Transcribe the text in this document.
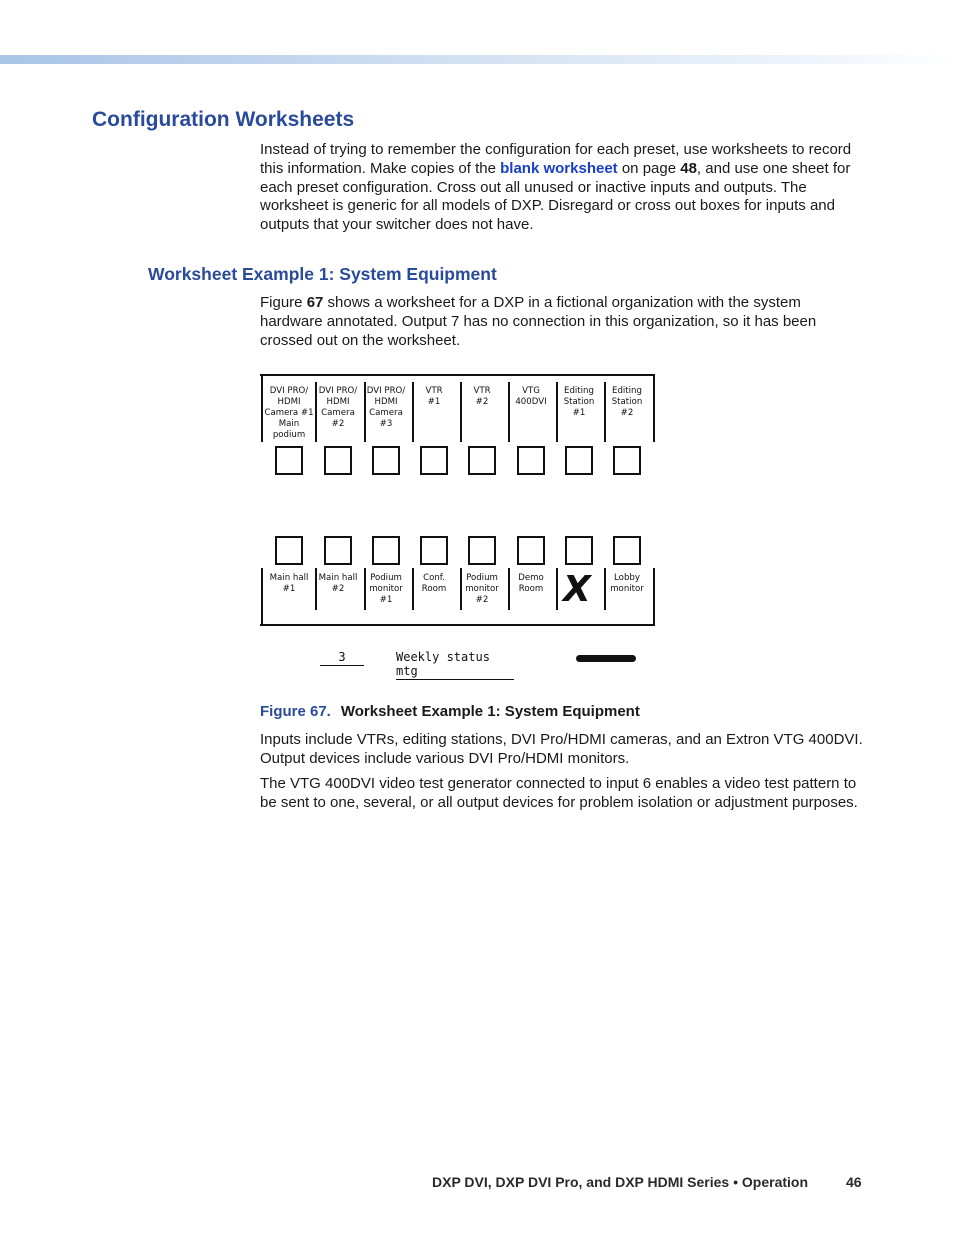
Configuration Worksheets

Instead of trying to remember the configuration for each preset, use worksheets to record this information. Make copies of the blank worksheet on page 48, and use one sheet for each preset configuration. Cross out all unused or inactive inputs and outputs. The worksheet is generic for all models of DXP. Disregard or cross out boxes for inputs and outputs that your switcher does not have.

Worksheet Example 1: System Equipment

Figure 67 shows a worksheet for a DXP in a fictional organization with the system hardware annotated. Output 7 has no connection in this organization, so it has been crossed out on the worksheet.

DVI PRO/
HDMI
Camera #1
Main
podium
DVI PRO/
HDMI
Camera
#2
DVI PRO/
HDMI
Camera
#3
VTR
#1
VTR
#2
VTG
400DVI
Editing
Station
#1
Editing
Station
#2
Main hall
#1
Main hall
#2
Podium
monitor
#1
Conf.
Room
Podium
monitor
#2
Demo
Room X	Lobby
monitor
3	Weekly status mtg

Figure 67. Worksheet Example 1: System Equipment

Inputs include VTRs, editing stations, DVI Pro/HDMI cameras, and an Extron VTG 400DVI. Output devices include various DVI Pro/HDMI monitors.

The VTG 400DVI video test generator connected to input 6 enables a video test pattern to be sent to one, several, or all output devices for problem isolation or adjustment purposes.

DXP DVI, DXP DVI Pro, and DXP HDMI Series • Operation	46
